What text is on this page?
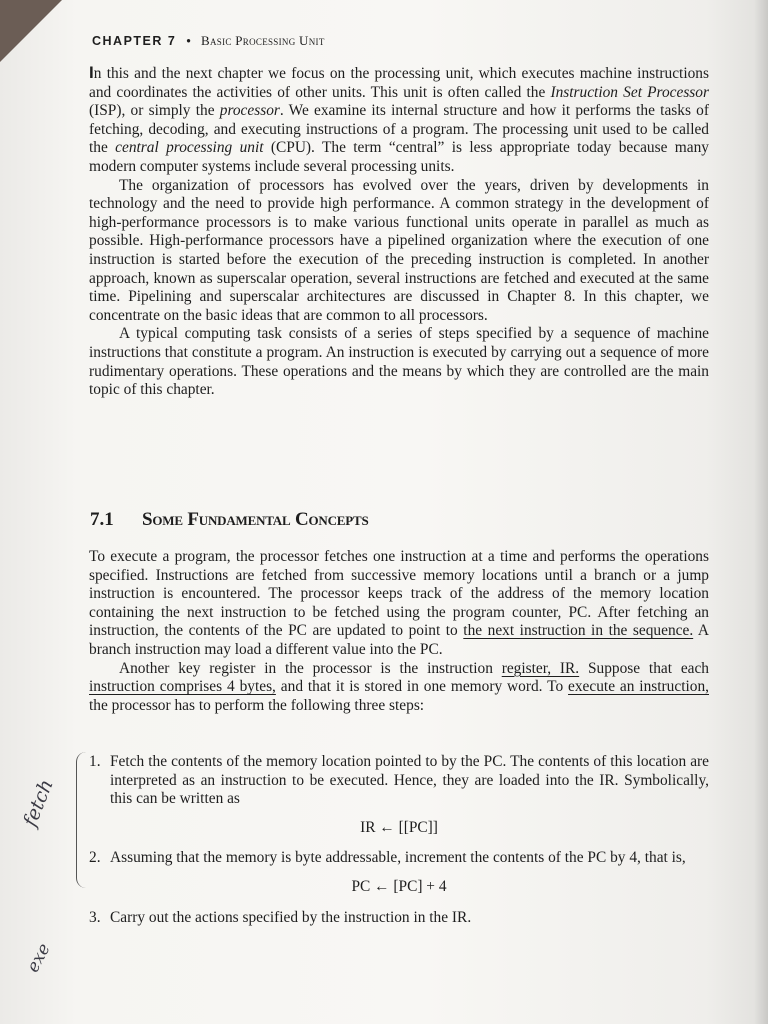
CHAPTER 7 • Basic Processing Unit

In this and the next chapter we focus on the processing unit, which executes machine instructions and coordinates the activities of other units. This unit is often called the Instruction Set Processor (ISP), or simply the processor. We examine its internal structure and how it performs the tasks of fetching, decoding, and executing instructions of a program. The processing unit used to be called the central processing unit (CPU). The term “central” is less appropriate today because many modern computer systems include several processing units.

The organization of processors has evolved over the years, driven by developments in technology and the need to provide high performance. A common strategy in the development of high-performance processors is to make various functional units operate in parallel as much as possible. High-performance processors have a pipelined organization where the execution of one instruction is started before the execution of the preceding instruction is completed. In another approach, known as superscalar operation, several instructions are fetched and executed at the same time. Pipelining and superscalar architectures are discussed in Chapter 8. In this chapter, we concentrate on the basic ideas that are common to all processors.

A typical computing task consists of a series of steps specified by a sequence of machine instructions that constitute a program. An instruction is executed by carrying out a sequence of more rudimentary operations. These operations and the means by which they are controlled are the main topic of this chapter.

7.1 Some Fundamental Concepts

To execute a program, the processor fetches one instruction at a time and performs the operations specified. Instructions are fetched from successive memory locations until a branch or a jump instruction is encountered. The processor keeps track of the address of the memory location containing the next instruction to be fetched using the program counter, PC. After fetching an instruction, the contents of the PC are updated to point to the next instruction in the sequence. A branch instruction may load a different value into the PC.

Another key register in the processor is the instruction register, IR. Suppose that each instruction comprises 4 bytes, and that it is stored in one memory word. To execute an instruction, the processor has to perform the following three steps:

fetch
exe
1. Fetch the contents of the memory location pointed to by the PC. The contents of this location are interpreted as an instruction to be executed. Hence, they are loaded into the IR. Symbolically, this can be written as
IR ← [[PC]]
2. Assuming that the memory is byte addressable, increment the contents of the PC by 4, that is,
PC ← [PC] + 4
3. Carry out the actions specified by the instruction in the IR.
